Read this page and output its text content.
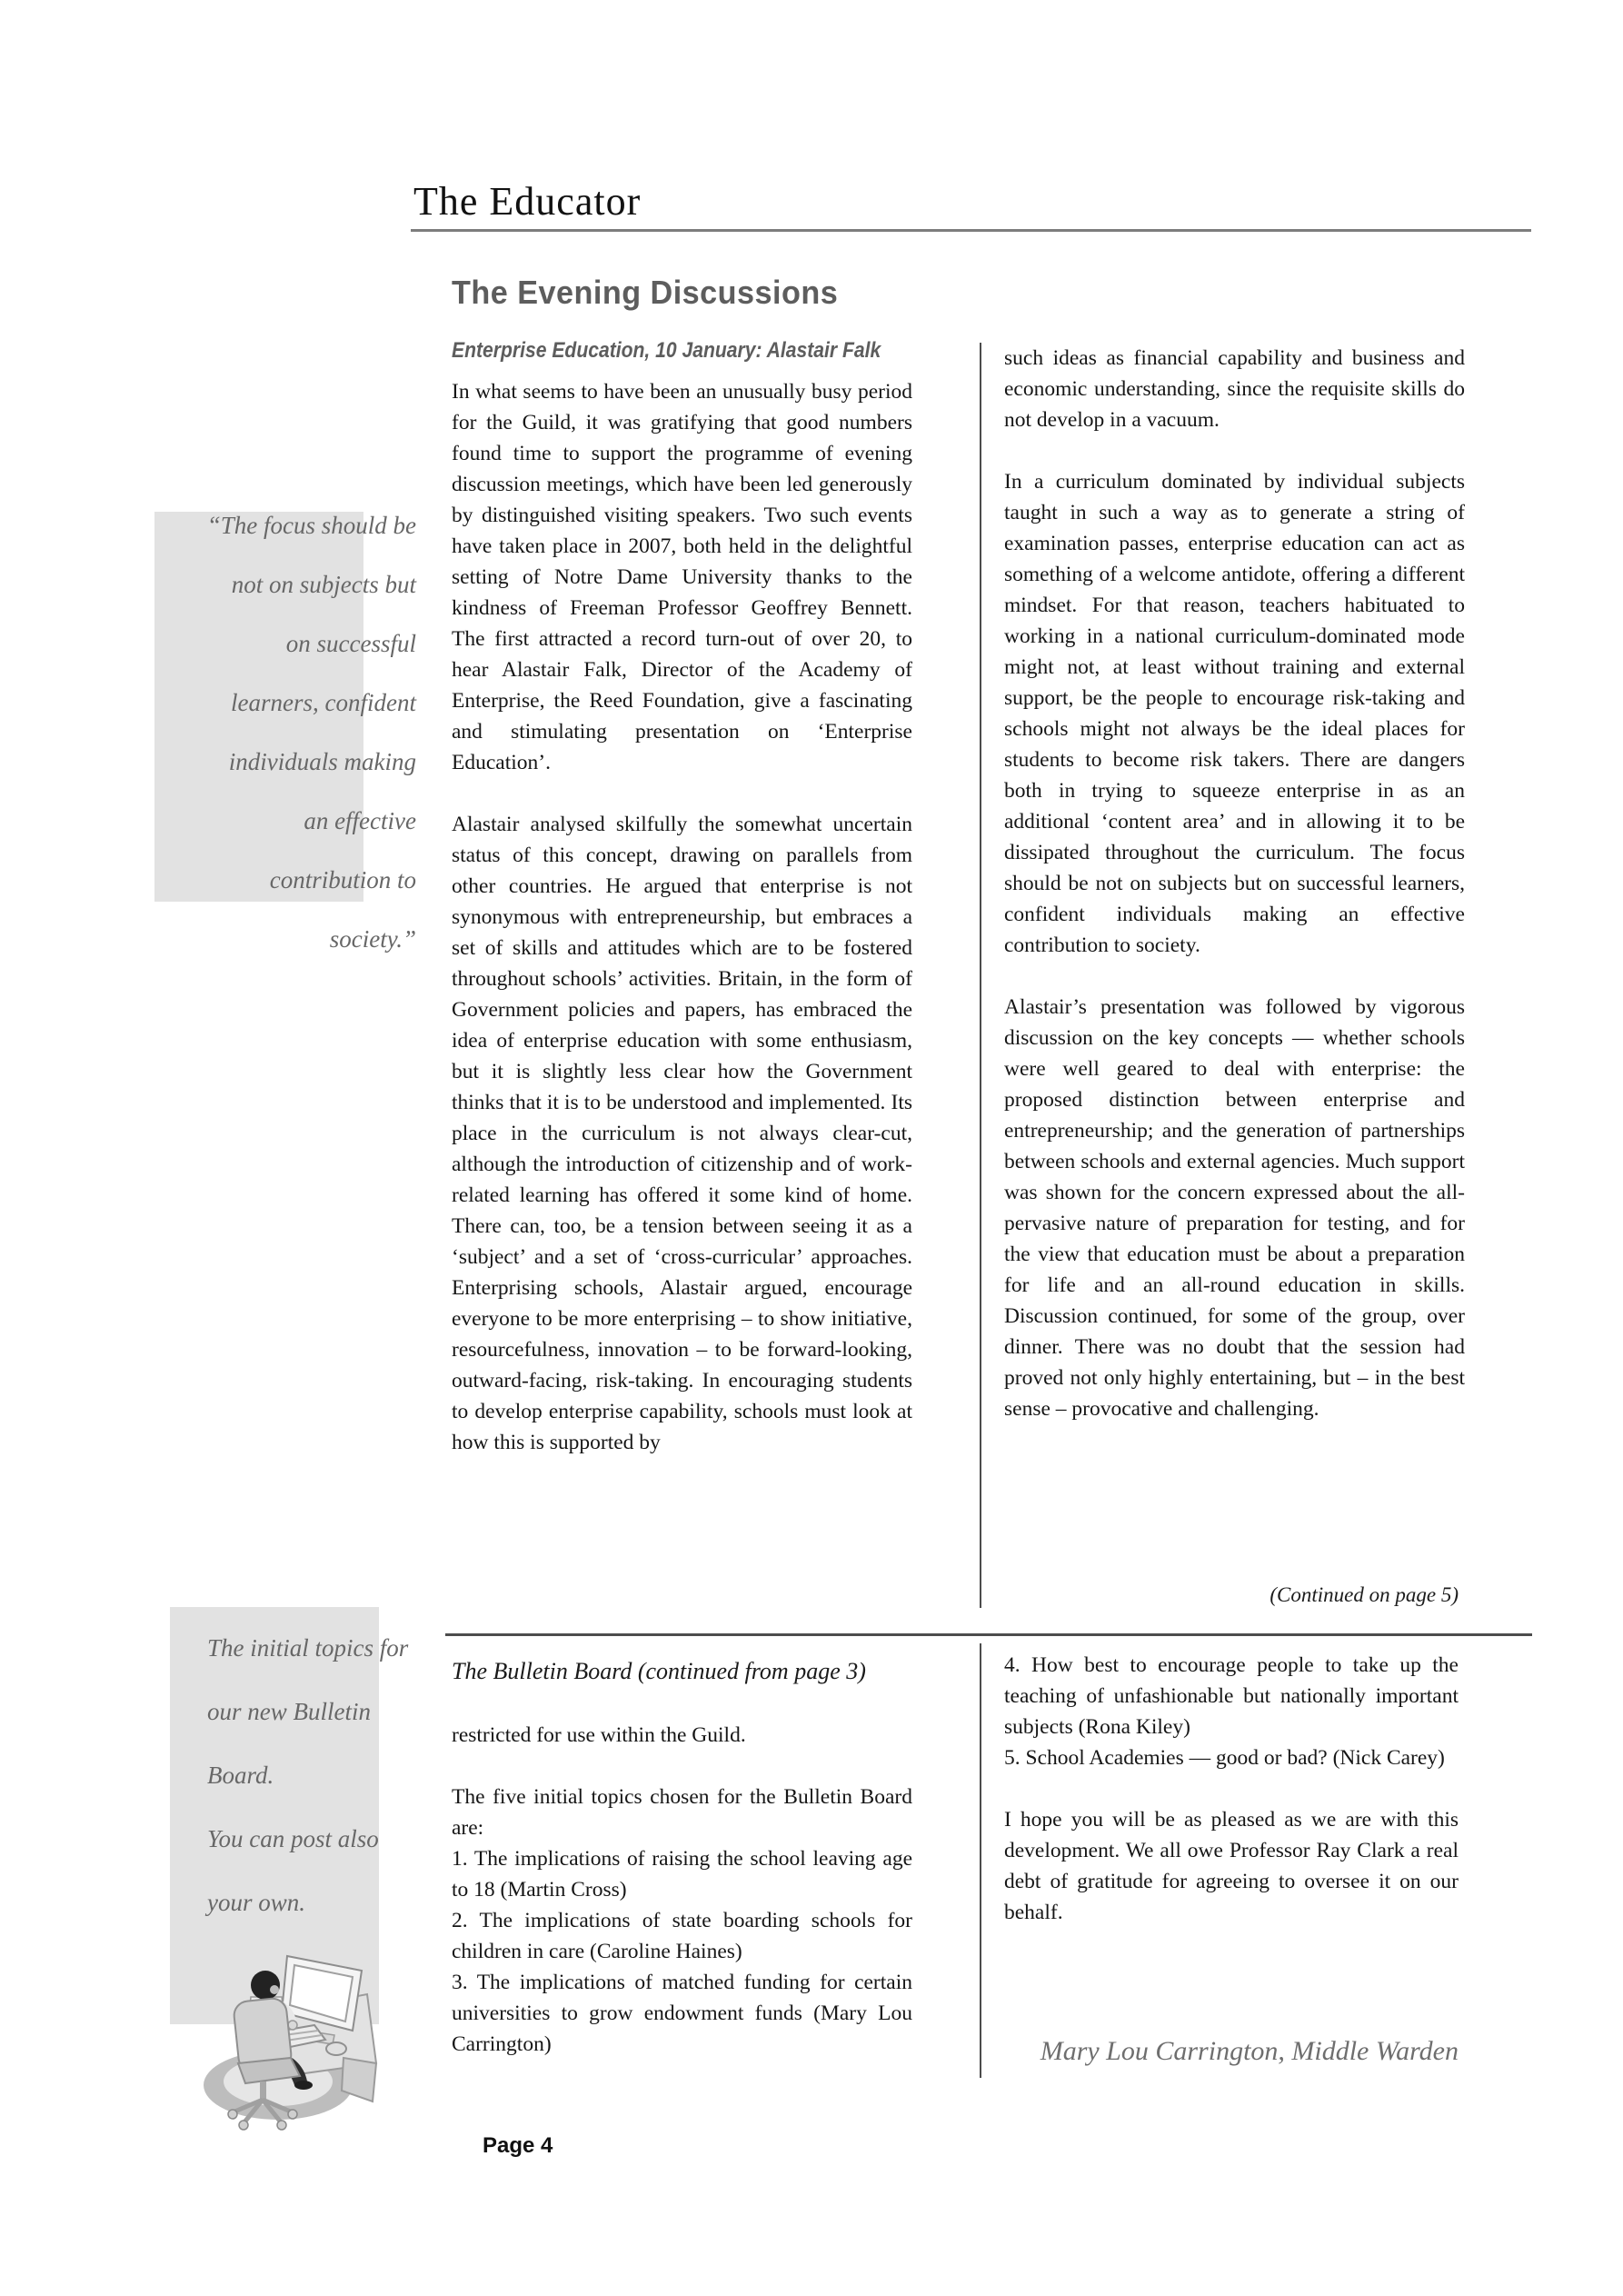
The Educator
“The focus should be
not on subjects but
on successful
learners, confident
individuals making
an effective
contribution to
society.”
The Evening Discussions
Enterprise Education, 10 January: Alastair Falk

In what seems to have been an unusually busy period for the Guild, it was gratifying that good numbers found time to support the programme of evening discussion meetings, which have been led generously by distinguished visiting speakers. Two such events have taken place in 2007, both held in the delightful setting of Notre Dame University thanks to the kindness of Freeman Professor Geoffrey Bennett. The first attracted a record turn-out of over 20, to hear Alastair Falk, Director of the Academy of Enterprise, the Reed Foundation, give a fascinating and stimulating presentation on ‘Enterprise Education’.

Alastair analysed skilfully the somewhat uncertain status of this concept, drawing on parallels from other countries. He argued that enterprise is not synonymous with entrepreneurship, but embraces a set of skills and attitudes which are to be fostered throughout schools’ activities. Britain, in the form of Government policies and papers, has embraced the idea of enterprise education with some enthusiasm, but it is slightly less clear how the Government thinks that it is to be understood and implemented. Its place in the curriculum is not always clear-cut, although the introduction of citizenship and of work-related learning has offered it some kind of home. There can, too, be a tension between seeing it as a ‘subject’ and a set of ‘cross-curricular’ approaches. Enterprising schools, Alastair argued, encourage everyone to be more enterprising – to show initiative, resourcefulness, innovation – to be forward-looking, outward-facing, risk-taking. In encouraging students to develop enterprise capability, schools must look at how this is supported by

such ideas as financial capability and business and economic understanding, since the requisite skills do not develop in a vacuum.

In a curriculum dominated by individual subjects taught in such a way as to generate a string of examination passes, enterprise education can act as something of a welcome antidote, offering a different mindset. For that reason, teachers habituated to working in a national curriculum-dominated mode might not, at least without training and external support, be the people to encourage risk-taking and schools might not always be the ideal places for students to become risk takers. There are dangers both in trying to squeeze enterprise in as an additional ‘content area’ and in allowing it to be dissipated throughout the curriculum. The focus should be not on subjects but on successful learners, confident individuals making an effective contribution to society.

Alastair’s presentation was followed by vigorous discussion on the key concepts — whether schools were well geared to deal with enterprise: the proposed distinction between enterprise and entrepreneurship; and the generation of partnerships between schools and external agencies. Much support was shown for the concern expressed about the all-pervasive nature of preparation for testing, and for the view that education must be about a preparation for life and an all-round education in skills. Discussion continued, for some of the group, over dinner. There was no doubt that the session had proved not only highly entertaining, but – in the best sense – provocative and challenging.

(Continued on page 5)
The Bulletin Board (continued from page 3)

restricted for use within the Guild.

The five initial topics chosen for the Bulletin Board are:

1. The implications of raising the school leaving age to 18 (Martin Cross)

2. The implications of state boarding schools for children in care (Caroline Haines)

3. The implications of matched funding for certain universities to grow endowment funds (Mary Lou Carrington)

4. How best to encourage people to take up the teaching of unfashionable but nationally important subjects (Rona Kiley)

5. School Academies — good or bad? (Nick Carey)

I hope you will be as pleased as we are with this development. We all owe Professor Ray Clark a real debt of gratitude for agreeing to oversee it on our behalf.

Mary Lou Carrington, Middle Warden
The initial topics for
our new Bulletin
Board.
You can post also
your own.
Page 4
